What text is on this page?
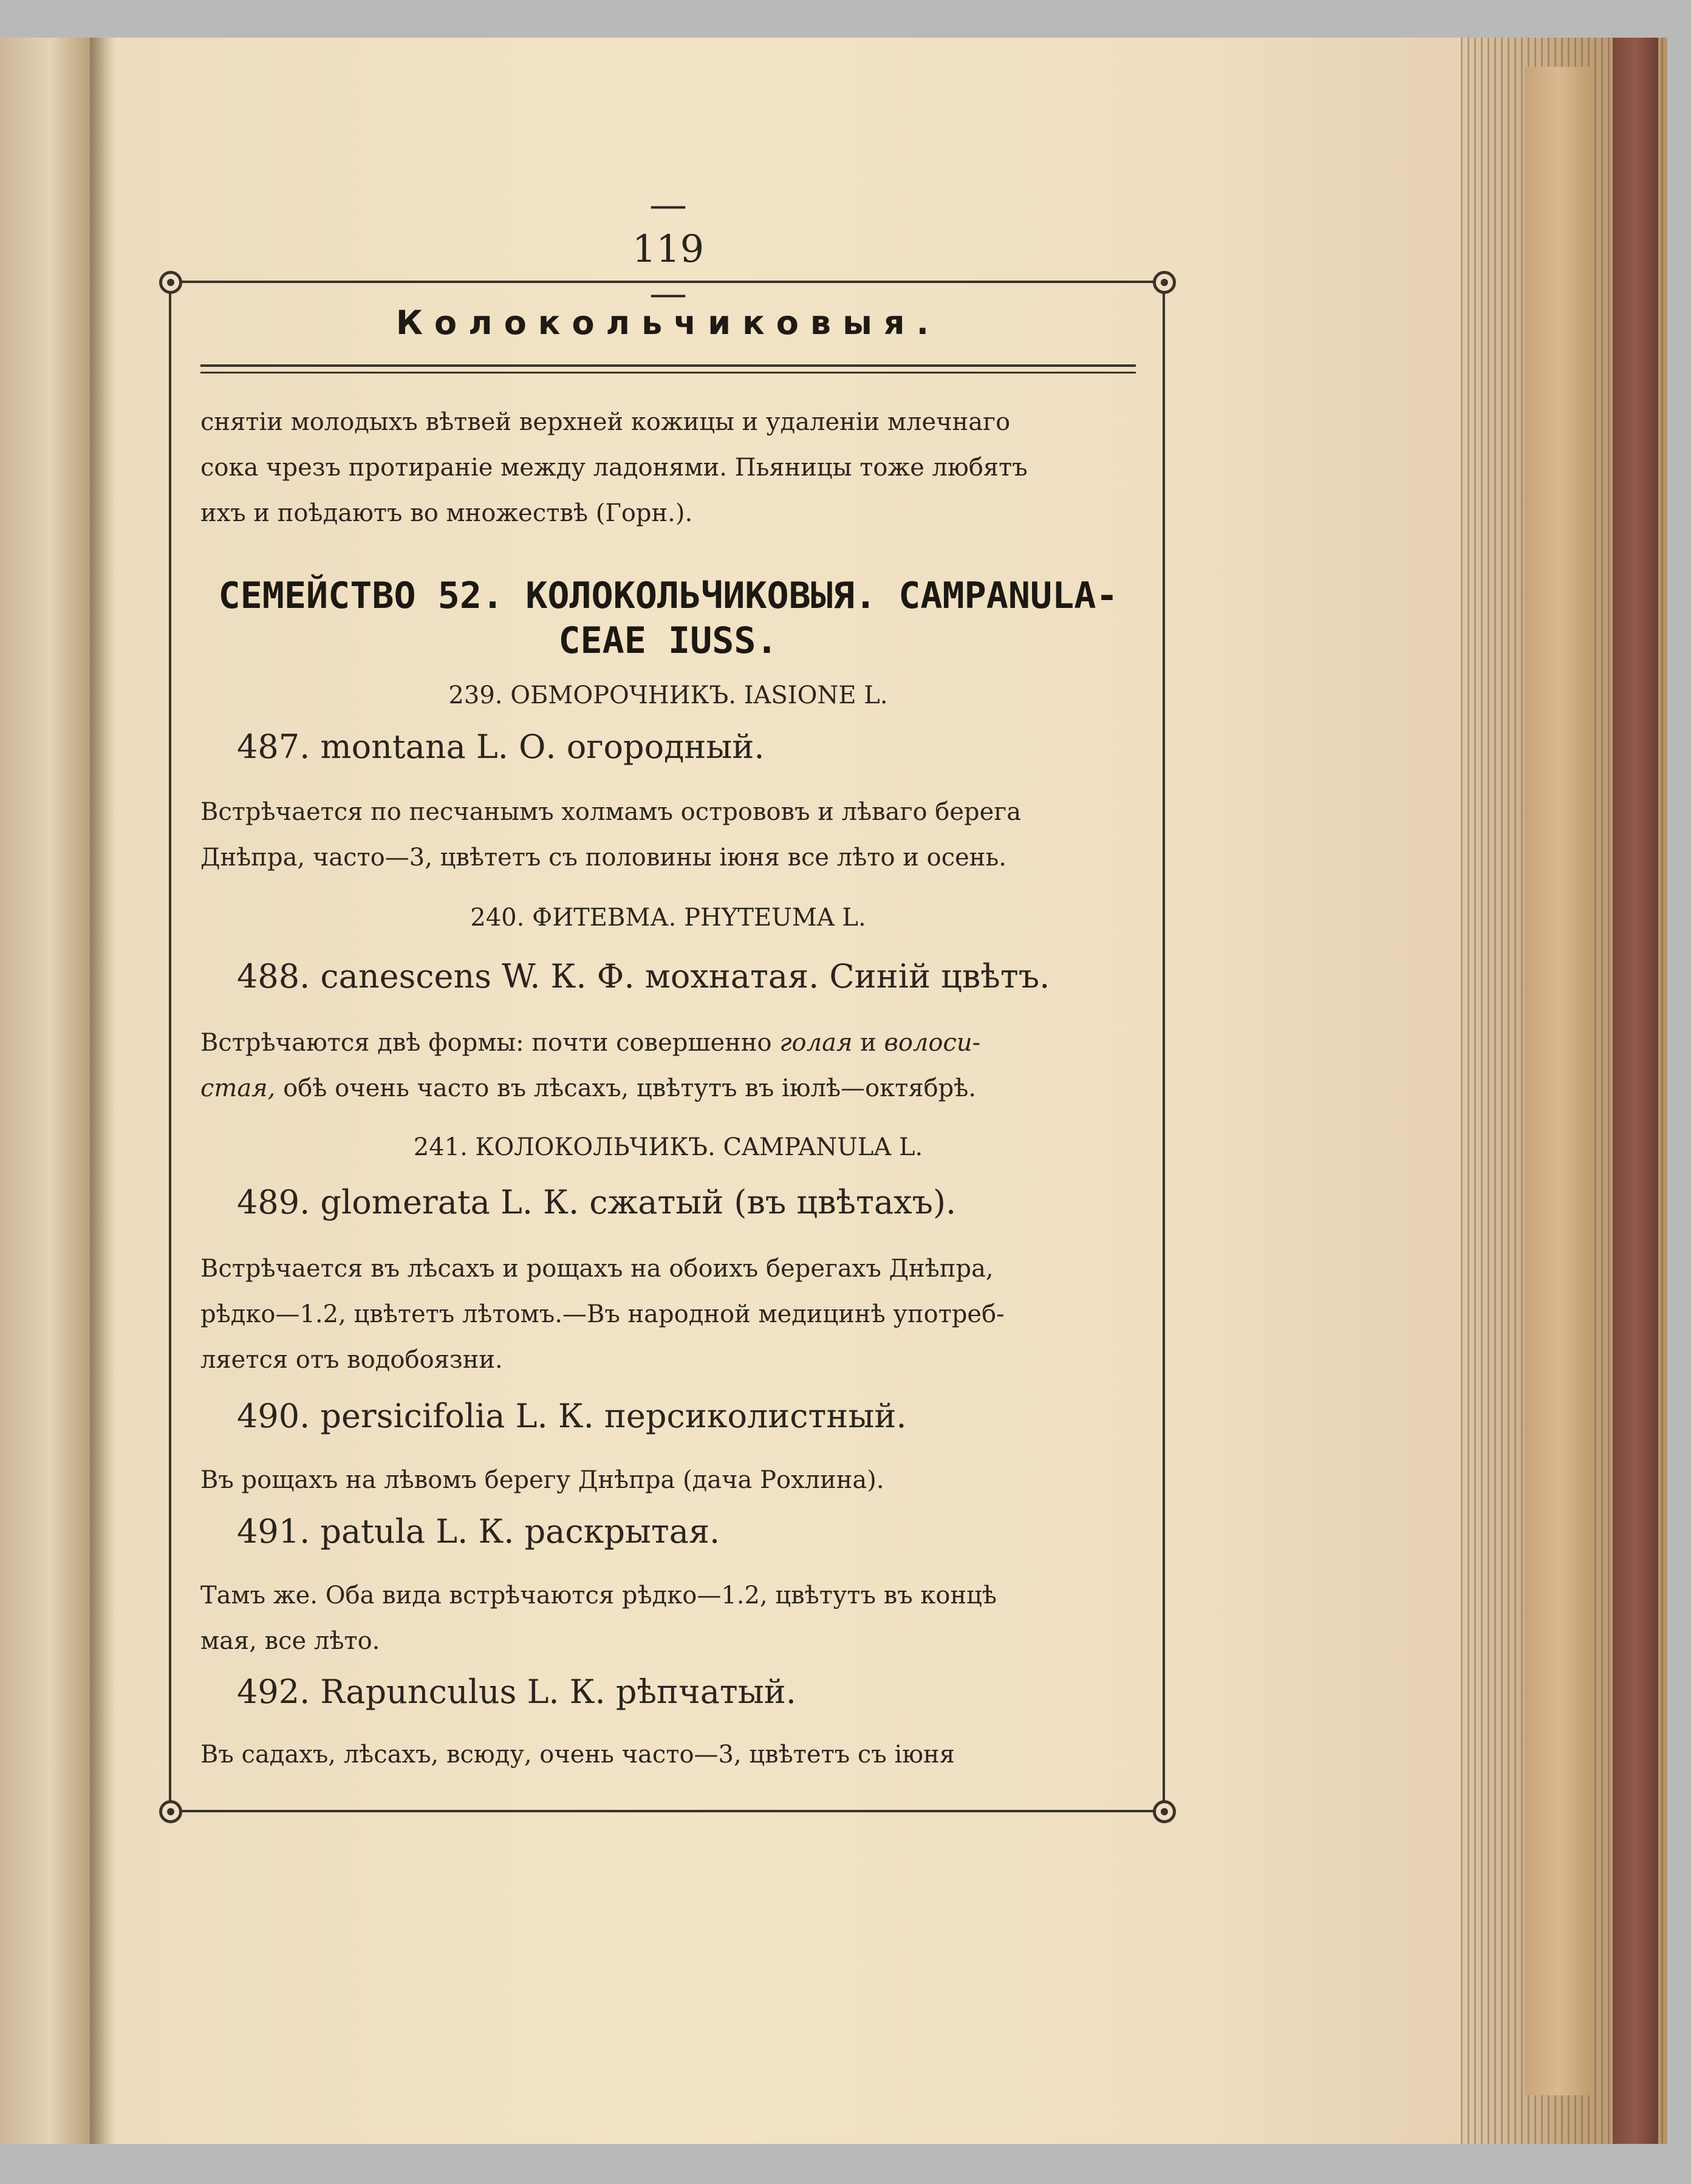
— 119 —
Колокольчиковыя.
снятіи молодыхъ вѣтвей верхней кожицы и удаленіи млечнаго
сока чрезъ протираніе между ладонями. Пьяницы тоже любятъ
ихъ и поѣдаютъ во множествѣ (Горн.).
СЕМЕЙСТВО 52. КОЛОКОЛЬЧИКОВЫЯ. CAMPANULA-
CEAE IUSS.
239. ОБМОРОЧНИКЪ. IASIONE L.
487. montana L. О. огородный.
Встрѣчается по песчанымъ холмамъ острововъ и лѣваго берега
Днѣпра, часто—3, цвѣтетъ съ половины іюня все лѣто и осень.
240. ФИТЕВМА. PHYTEUMA L.
488. canescens W. К. Ф. мохнатая. Синій цвѣтъ.
Встрѣчаются двѣ формы: почти совершенно голая и волоси-
стая, обѣ очень часто въ лѣсахъ, цвѣтутъ въ іюлѣ—октябрѣ.
241. КОЛОКОЛЬЧИКЪ. CAMPANULA L.
489. glomerata L. К. сжатый (въ цвѣтахъ).
Встрѣчается въ лѣсахъ и рощахъ на обоихъ берегахъ Днѣпра,
рѣдко—1.2, цвѣтетъ лѣтомъ.—Въ народной медицинѣ употреб-
ляется отъ водобоязни.
490. persicifolia L. К. персиколистный.
Въ рощахъ на лѣвомъ берегу Днѣпра (дача Рохлина).
491. patula L. К. раскрытая.
Тамъ же. Оба вида встрѣчаются рѣдко—1.2, цвѣтутъ въ концѣ
мая, все лѣто.
492. Rapunculus L. К. рѣпчатый.
Въ садахъ, лѣсахъ, всюду, очень часто—3, цвѣтетъ съ іюня
